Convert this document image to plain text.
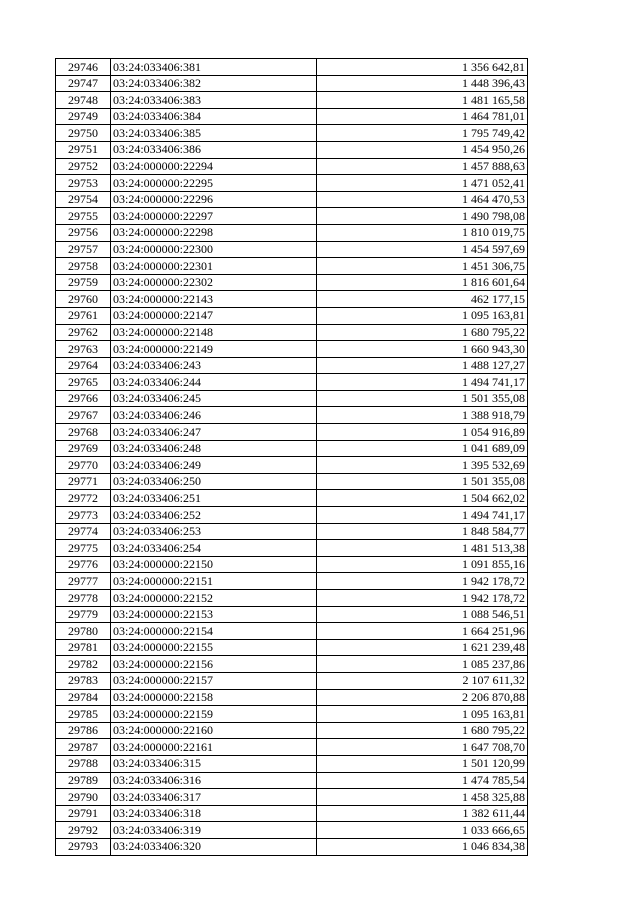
29746	03:24:033406:381	1 356 642,81
29747	03:24:033406:382	1 448 396,43
29748	03:24:033406:383	1 481 165,58
29749	03:24:033406:384	1 464 781,01
29750	03:24:033406:385	1 795 749,42
29751	03:24:033406:386	1 454 950,26
29752	03:24:000000:22294	1 457 888,63
29753	03:24:000000:22295	1 471 052,41
29754	03:24:000000:22296	1 464 470,53
29755	03:24:000000:22297	1 490 798,08
29756	03:24:000000:22298	1 810 019,75
29757	03:24:000000:22300	1 454 597,69
29758	03:24:000000:22301	1 451 306,75
29759	03:24:000000:22302	1 816 601,64
29760	03:24:000000:22143	462 177,15
29761	03:24:000000:22147	1 095 163,81
29762	03:24:000000:22148	1 680 795,22
29763	03:24:000000:22149	1 660 943,30
29764	03:24:033406:243	1 488 127,27
29765	03:24:033406:244	1 494 741,17
29766	03:24:033406:245	1 501 355,08
29767	03:24:033406:246	1 388 918,79
29768	03:24:033406:247	1 054 916,89
29769	03:24:033406:248	1 041 689,09
29770	03:24:033406:249	1 395 532,69
29771	03:24:033406:250	1 501 355,08
29772	03:24:033406:251	1 504 662,02
29773	03:24:033406:252	1 494 741,17
29774	03:24:033406:253	1 848 584,77
29775	03:24:033406:254	1 481 513,38
29776	03:24:000000:22150	1 091 855,16
29777	03:24:000000:22151	1 942 178,72
29778	03:24:000000:22152	1 942 178,72
29779	03:24:000000:22153	1 088 546,51
29780	03:24:000000:22154	1 664 251,96
29781	03:24:000000:22155	1 621 239,48
29782	03:24:000000:22156	1 085 237,86
29783	03:24:000000:22157	2 107 611,32
29784	03:24:000000:22158	2 206 870,88
29785	03:24:000000:22159	1 095 163,81
29786	03:24:000000:22160	1 680 795,22
29787	03:24:000000:22161	1 647 708,70
29788	03:24:033406:315	1 501 120,99
29789	03:24:033406:316	1 474 785,54
29790	03:24:033406:317	1 458 325,88
29791	03:24:033406:318	1 382 611,44
29792	03:24:033406:319	1 033 666,65
29793	03:24:033406:320	1 046 834,38
